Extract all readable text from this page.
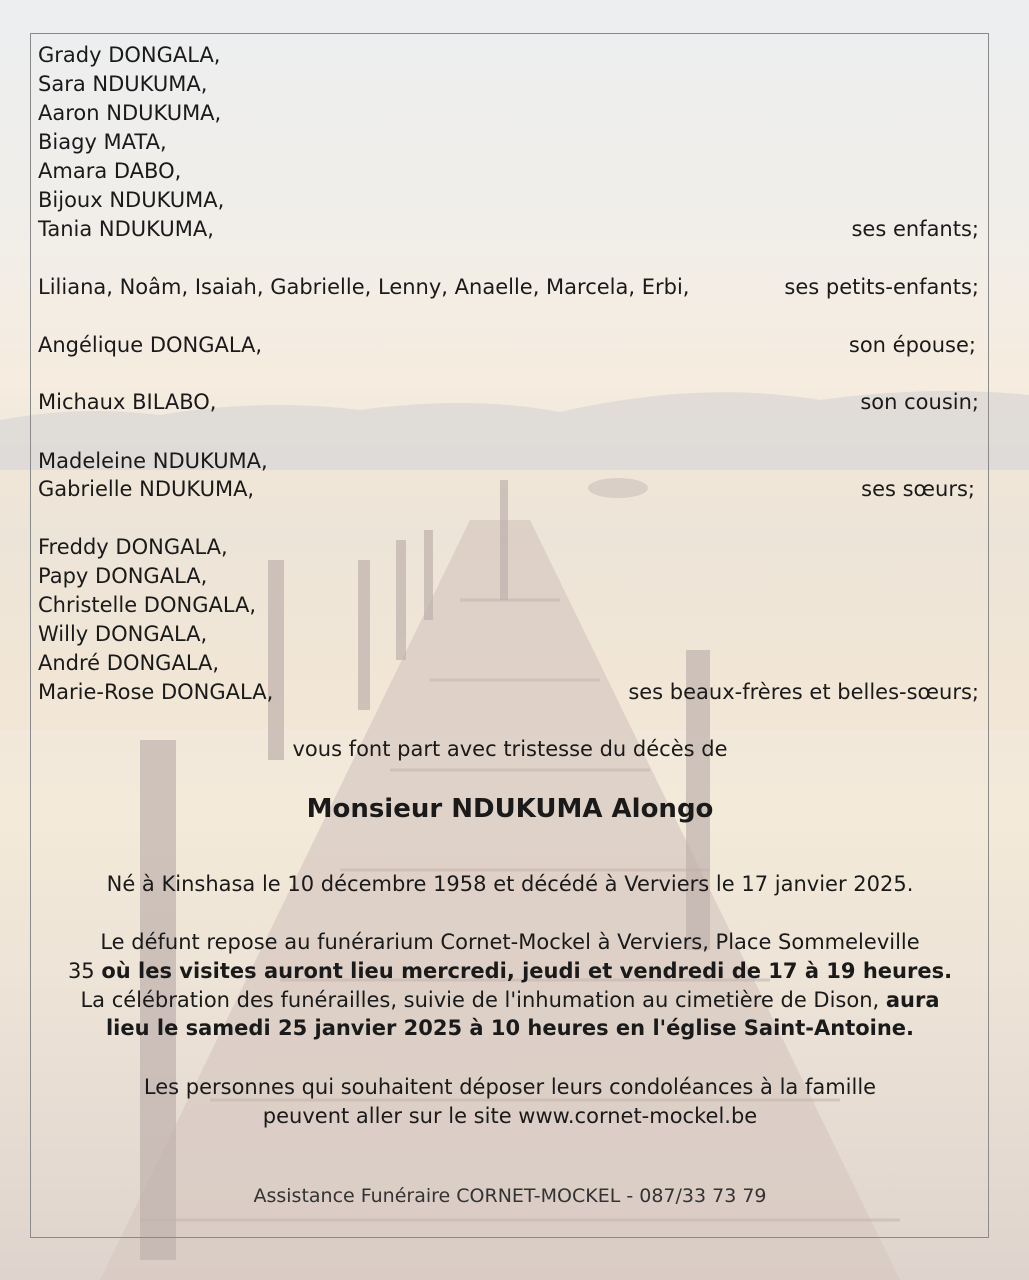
Grady DONGALA,
Sara NDUKUMA,
Aaron NDUKUMA,
Biagy MATA,
Amara DABO,
Bijoux NDUKUMA,
Tania NDUKUMA,	ses enfants;
Liliana, Noâm, Isaiah, Gabrielle, Lenny, Anaelle, Marcela, Erbi,	ses petits-enfants;
Angélique DONGALA,	son épouse;
Michaux BILABO,	son cousin;
Madeleine NDUKUMA,
Gabrielle NDUKUMA,	ses sœurs;
Freddy DONGALA,
Papy DONGALA,
Christelle DONGALA,
Willy DONGALA,
André DONGALA,
Marie-Rose DONGALA,	ses beaux-frères et belles-sœurs;
vous font part avec tristesse du décès de
Monsieur NDUKUMA Alongo
Né à Kinshasa le 10 décembre 1958 et décédé à Verviers le 17 janvier 2025.
Le défunt repose au funérarium Cornet-Mockel à Verviers, Place Sommeleville
35 où les visites auront lieu mercredi, jeudi et vendredi de 17 à 19 heures.
La célébration des funérailles, suivie de l'inhumation au cimetière de Dison, aura
lieu le samedi 25 janvier 2025 à 10 heures en l'église Saint-Antoine.
Les personnes qui souhaitent déposer leurs condoléances à la famille
peuvent aller sur le site www.cornet-mockel.be
Assistance Funéraire CORNET-MOCKEL - 087/33 73 79
